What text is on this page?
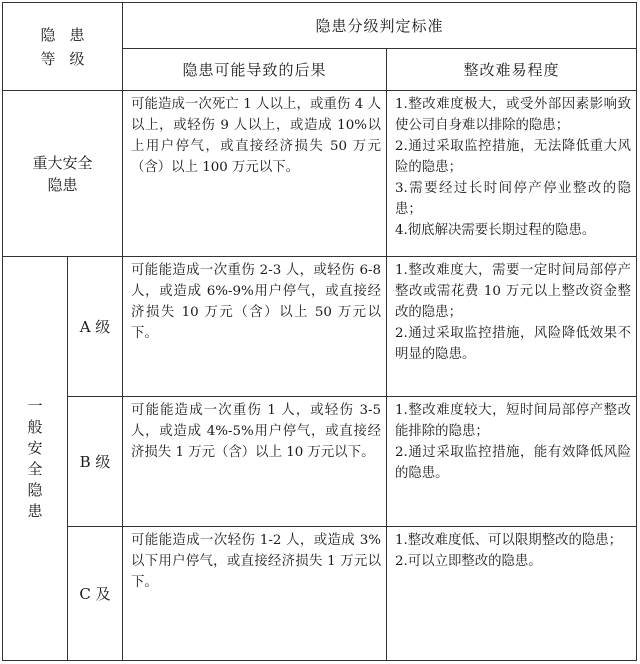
隐患
等级		隐患分级判定标准	
		隐患可能导致的后果	整改难易程度

重大安全隐患		可能造成一次死亡 1 人以上，或重伤 4 人以上，或轻伤 9 人以上，或造成 10%以上用户停气，或直接经济损失 50 万元（含）以上 100 万元以下。	1.整改难度极大，或受外部因素影响致使公司自身难以排除的隐患；

2.通过采取监控措施，无法降低重大风险的隐患；

3.需要经过长时间停产停业整改的隐患；

4.彻底解决需要长期过程的隐患。

一般安全隐患	A 级	可能能造成一次重伤 2-3 人，或轻伤 6-8 人，或造成 6%-9%用户停气，或直接经济损失 10 万元（含）以上 50 万元以下。	1.整改难度大，需要一定时间局部停产整改或需花费 10 万元以上整改资金整改的隐患；

2.通过采取监控措施，风险降低效果不明显的隐患。

	B 级	可能能造成一次重伤 1 人，或轻伤 3-5 人，或造成 4%-5%用户停气，或直接经济损失 1 万元（含）以上 10 万元以下。	1.整改难度较大，短时间局部停产整改能排除的隐患；

2.通过采取监控措施，能有效降低风险的隐患。

	C 及	可能能造成一次轻伤 1-2 人，或造成 3%以下用户停气，或直接经济损失 1 万元以下。	1.整改难度低、可以限期整改的隐患；

2.可以立即整改的隐患。
